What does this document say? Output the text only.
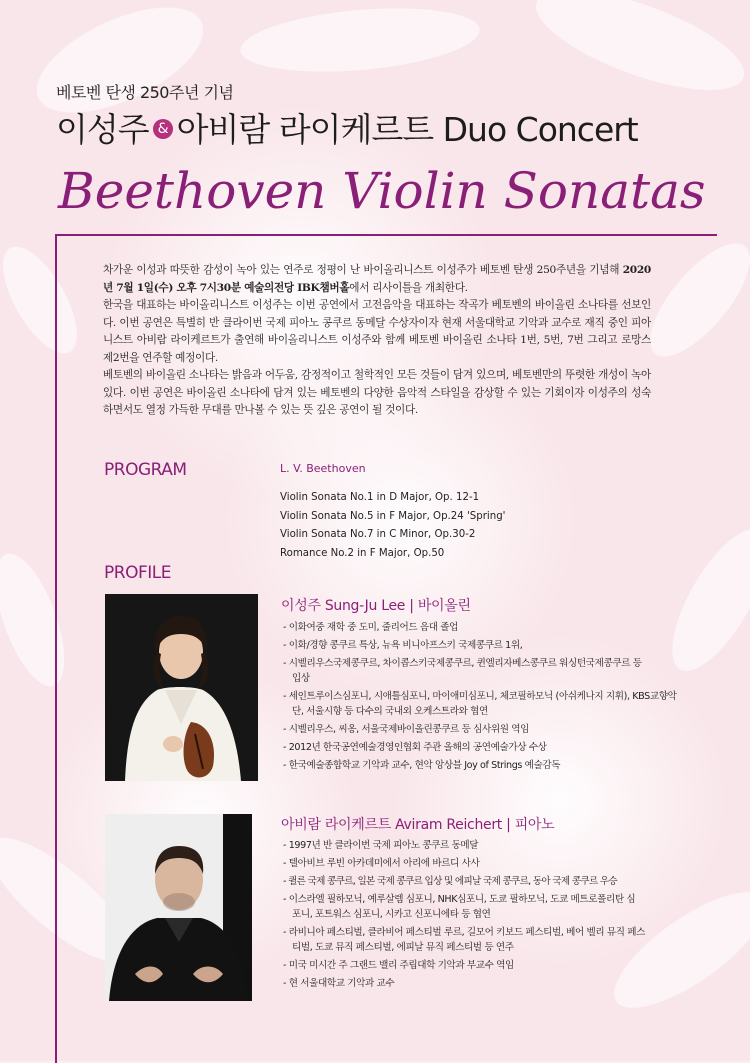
베토벤 탄생 250주년 기념
이성주 & 아비람 라이케르트 Duo Concert
Beethoven Violin Sonatas

차가운 이성과 따뜻한 감성이 녹아 있는 연주로 정평이 난 바이올리니스트 이성주가 베토벤 탄생 250주년을 기념해 2020년 7월 1일(수) 오후 7시30분 예술의전당 IBK챔버홀에서 리사이틀을 개최한다.

한국을 대표하는 바이올리니스트 이성주는 이번 공연에서 고전음악을 대표하는 작곡가 베토벤의 바이올린 소나타를 선보인다. 이번 공연은 특별히 반 클라이번 국제 피아노 콩쿠르 동메달 수상자이자 현재 서울대학교 기악과 교수로 재직 중인 피아니스트 아비람 라이케르트가 출연해 바이올리니스트 이성주와 함께 베토벤 바이올린 소나타 1번, 5번, 7번 그리고 로망스 제2번을 연주할 예정이다.

베토벤의 바이올린 소나타는 밝음과 어두움, 감정적이고 철학적인 모든 것들이 담겨 있으며, 베토벤만의 뚜렷한 개성이 녹아 있다. 이번 공연은 바이올린 소나타에 담겨 있는 베토벤의 다양한 음악적 스타일을 감상할 수 있는 기회이자 이성주의 성숙하면서도 열정 가득한 무대를 만나볼 수 있는 뜻 깊은 공연이 될 것이다.

PROGRAM	L. V. Beethoven
Violin Sonata No.1 in D Major, Op. 12-1
Violin Sonata No.5 in F Major, Op.24 'Spring'
Violin Sonata No.7 in C Minor, Op.30-2
Romance No.2 in F Major, Op.50
PROFILE
이성주 Sung-Ju Lee | 바이올린
- 이화여중 재학 중 도미, 줄리어드 음대 졸업
- 이화/경향 콩쿠르 특상, 뉴욕 비니아프스키 국제콩쿠르 1위,
- 시벨리우스국제콩쿠르, 차이콥스키국제콩쿠르, 퀸엘리자베스콩쿠르 워싱턴국제콩쿠르 등 입상
- 세인트루이스심포니, 시애틀심포니, 마이애미심포니, 체코필하모닉 (아쉬케나지 지휘), KBS교향악단, 서울시향 등 다수의 국내외 오케스트라와 협연
- 시벨리우스, 씨옹, 서울국제바이올린콩쿠르 등 심사위원 역임
- 2012년 한국공연예술경영인협회 주관 올해의 공연예술가상 수상
- 한국예술종합학교 기악과 교수, 현악 앙상블 Joy of Strings 예술감독
아비람 라이케르트 Aviram Reichert | 피아노
- 1997년 반 클라이번 국제 피아노 콩쿠르 동메달
- 텔아비브 루빈 아카데미에서 아리에 바르디 사사
- 퀼른 국제 콩쿠르, 일본 국제 콩쿠르 입상 및 에피날 국제 콩쿠르, 동아 국제 콩쿠르 우승
- 이스라엘 필하모닉, 예루살렘 심포니, NHK심포니, 도쿄 필하모닉, 도쿄 메트로폴리탄 심포니, 포트워스 심포니, 시카고 신포니에타 등 협연
- 라비니아 페스티벌, 클라비어 페스티벌 루르, 길모어 키보드 페스티벌, 베어 벨리 뮤직 페스티벌, 도쿄 뮤직 페스티벌, 에피날 뮤직 페스티벌 등 연주
- 미국 미시간 주 그랜드 밸리 주립대학 기악과 부교수 역임
- 현 서울대학교 기악과 교수
